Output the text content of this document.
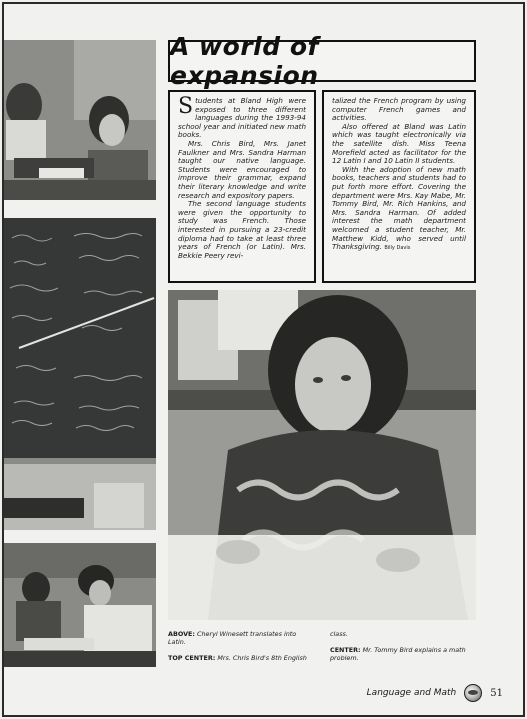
A world of expansion

Students at Bland High were exposed to three different languages during the 1993-94 school year and initiated new math books.

Mrs. Chris Bird, Mrs. Janet Faulkner and Mrs. Sandra Harman taught our native language. Students were encouraged to improve their grammar, expand their literary knowledge and write research and expository papers.

The second language students were given the opportunity to study was French. Those interested in pursuing a 23-credit diploma had to take at least three years of French (or Latin). Mrs. Bekkie Peery revi-

talized the French program by using computer French games and activities.

Also offered at Bland was Latin which was taught electronically via the satellite dish. Miss Teena Morefield acted as facilitator for the 12 Latin I and 10 Latin II students.

With the adoption of new math books, teachers and students had to put forth more effort. Covering the department were Mrs. Kay Mabe, Mr. Tommy Bird, Mr. Rich Hankins, and Mrs. Sandra Harman. Of added interest the math department welcomed a student teacher, Mr. Matthew Kidd, who served until Thanksgiving. Billy Davis

ABOVE: Cheryl Winesett translates into Latin.
TOP CENTER: Mrs. Chris Bird's 8th English
class.
CENTER: Mr. Tommy Bird explains a math problem.
Language and Math	51
